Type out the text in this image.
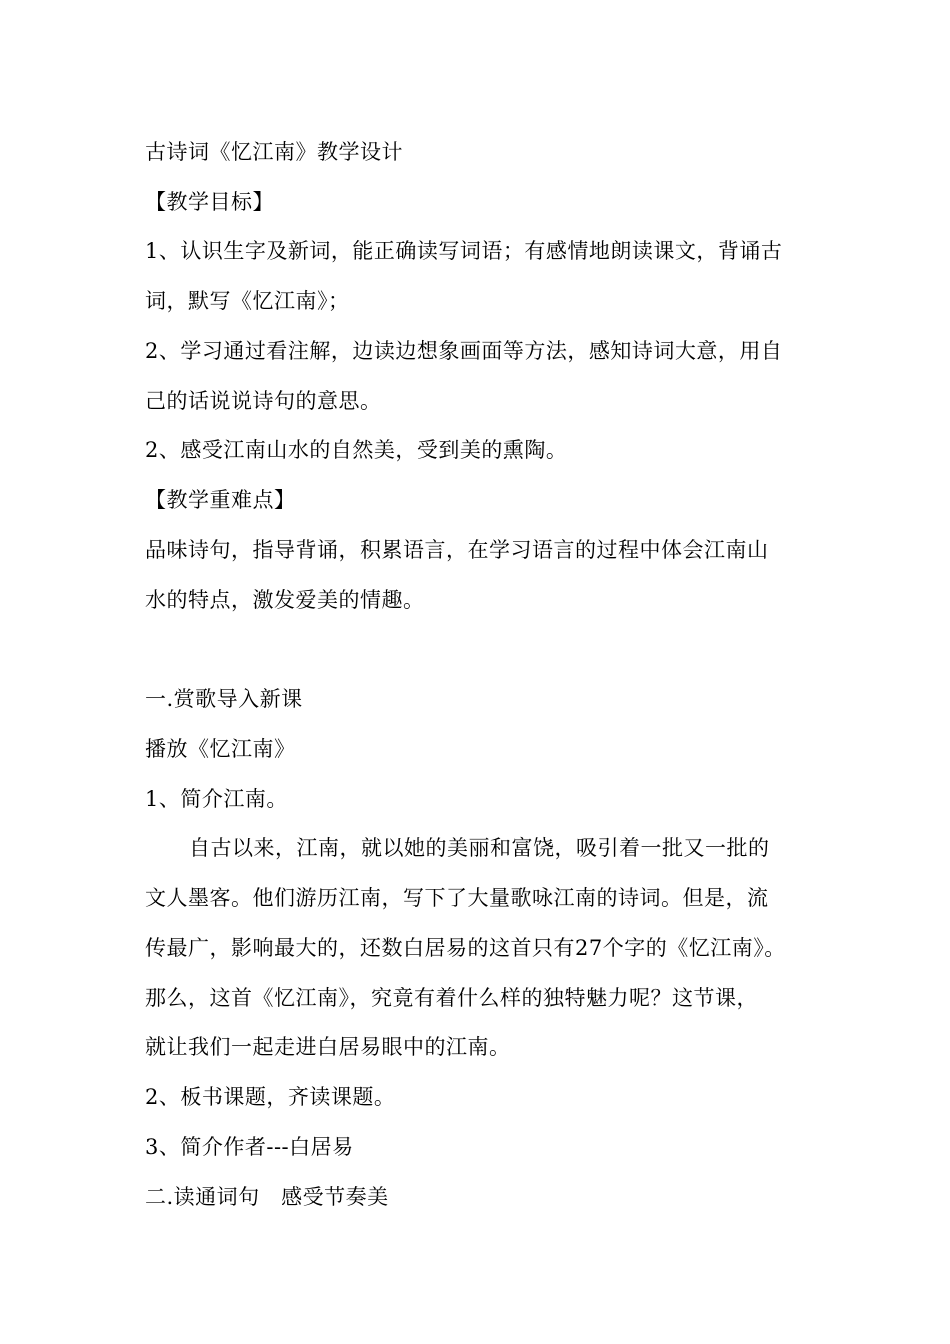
古诗词《忆江南》教学设计
【教学目标】
1、认识生字及新词，能正确读写词语；有感情地朗读课文，背诵古
词，默写《忆江南》；
2、学习通过看注解，边读边想象画面等方法，感知诗词大意，用自
己的话说说诗句的意思。
2、感受江南山水的自然美，受到美的熏陶。
【教学重难点】
品味诗句，指导背诵，积累语言，在学习语言的过程中体会江南山
水的特点，激发爱美的情趣。
一.赏歌导入新课
播放《忆江南》
1、简介江南。
自古以来，江南，就以她的美丽和富饶，吸引着一批又一批的
文人墨客。他们游历江南，写下了大量歌咏江南的诗词。但是，流
传最广，影响最大的，还数白居易的这首只有27个字的《忆江南》。
那么，这首《忆江南》，究竟有着什么样的独特魅力呢？这节课，
就让我们一起走进白居易眼中的江南。
2、板书课题，齐读课题。
3、简介作者---白居易
二.读通词句　感受节奏美
